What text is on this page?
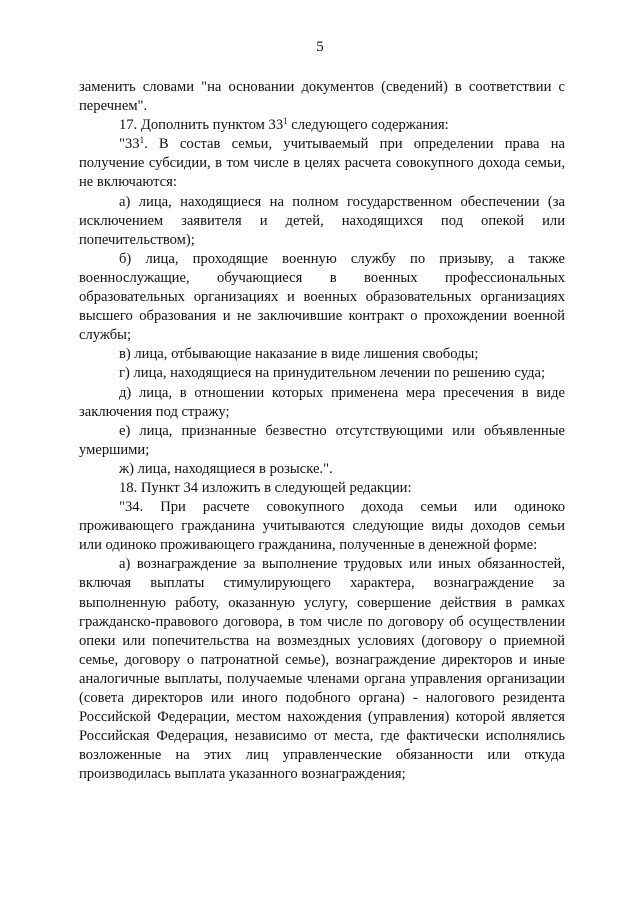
5

заменить словами "на основании документов (сведений) в соответствии с перечнем".

17. Дополнить пунктом $33^1$ следующего содержания:

"$33^1$. В состав семьи, учитываемый при определении права на получение субсидии, в том числе в целях расчета совокупного дохода семьи, не включаются:

а) лица, находящиеся на полном государственном обеспечении (за исключением заявителя и детей, находящихся под опекой или попечительством);

б) лица, проходящие военную службу по призыву, а также военнослужащие, обучающиеся в военных профессиональных образовательных организациях и военных образовательных организациях высшего образования и не заключившие контракт о прохождении военной службы;

в) лица, отбывающие наказание в виде лишения свободы;

г) лица, находящиеся на принудительном лечении по решению суда;

д) лица, в отношении которых применена мера пресечения в виде заключения под стражу;

е) лица, признанные безвестно отсутствующими или объявленные умершими;

ж) лица, находящиеся в розыске.".

18. Пункт 34 изложить в следующей редакции:

"34. При расчете совокупного дохода семьи или одиноко проживающего гражданина учитываются следующие виды доходов семьи или одиноко проживающего гражданина, полученные в денежной форме:

а) вознаграждение за выполнение трудовых или иных обязанностей, включая выплаты стимулирующего характера, вознаграждение за выполненную работу, оказанную услугу, совершение действия в рамках гражданско-правового договора, в том числе по договору об осуществлении опеки или попечительства на возмездных условиях (договору о приемной семье, договору о патронатной семье), вознаграждение директоров и иные аналогичные выплаты, получаемые членами органа управления организации (совета директоров или иного подобного органа) - налогового резидента Российской Федерации, местом нахождения (управления) которой является Российская Федерация, независимо от места, где фактически исполнялись возложенные на этих лиц управленческие обязанности или откуда производилась выплата указанного вознаграждения;
